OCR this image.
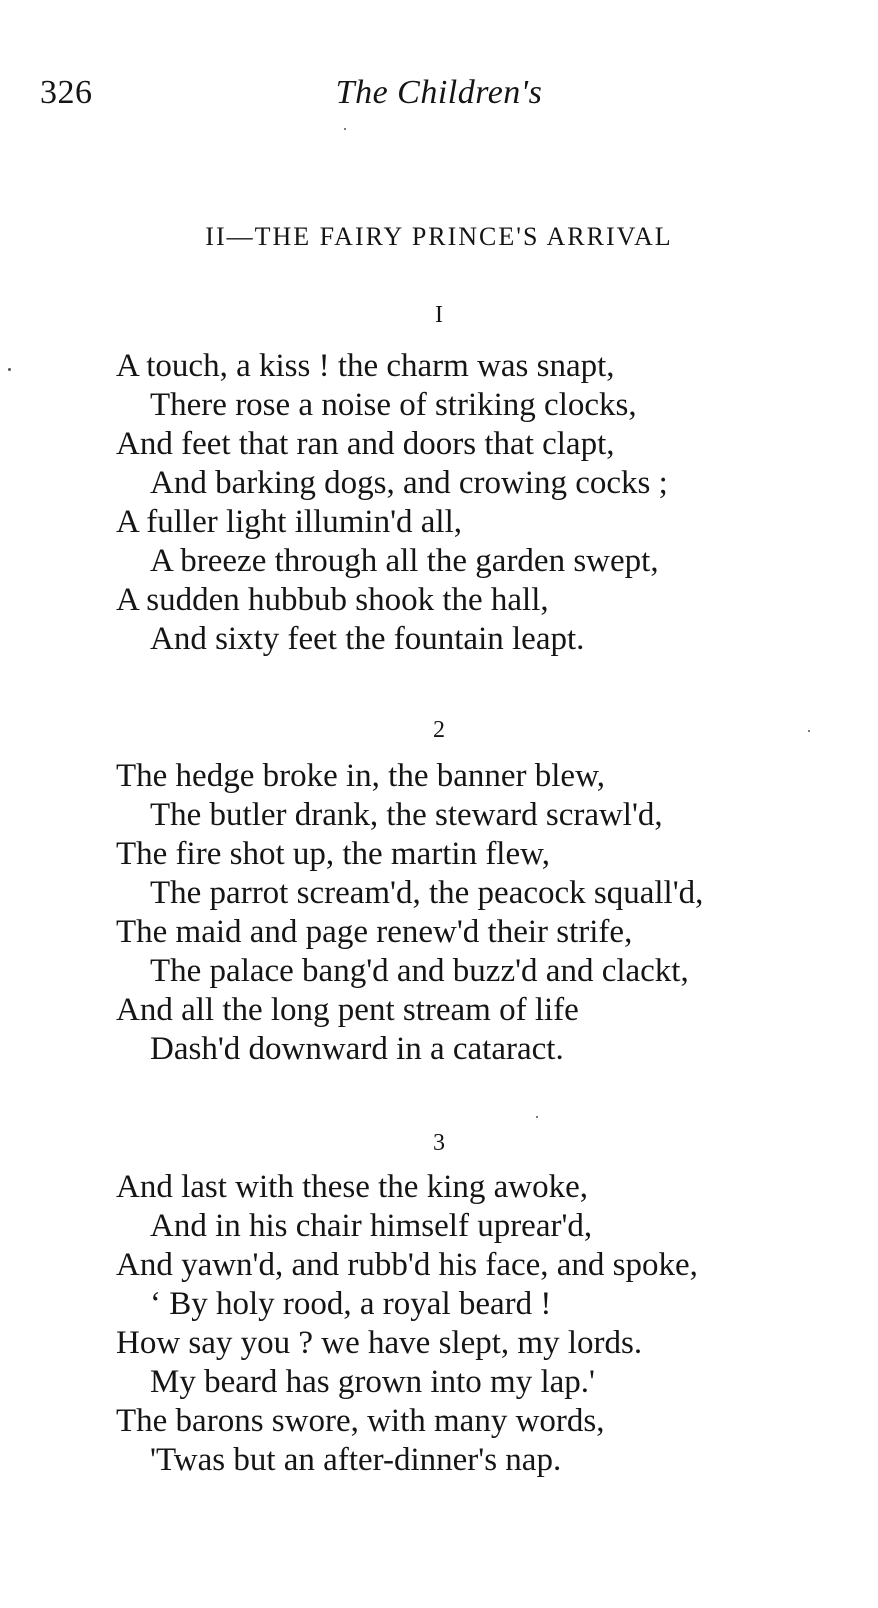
326	The Children's
II—THE FAIRY PRINCE'S ARRIVAL
I
A touch, a kiss ! the charm was snapt,
There rose a noise of striking clocks,
And feet that ran and doors that clapt,
And barking dogs, and crowing cocks ;
A fuller light illumin'd all,
A breeze through all the garden swept,
A sudden hubbub shook the hall,
And sixty feet the fountain leapt.
2
The hedge broke in, the banner blew,
The butler drank, the steward scrawl'd,
The fire shot up, the martin flew,
The parrot scream'd, the peacock squall'd,
The maid and page renew'd their strife,
The palace bang'd and buzz'd and clackt,
And all the long pent stream of life
Dash'd downward in a cataract.
3
And last with these the king awoke,
And in his chair himself uprear'd,
And yawn'd, and rubb'd his face, and spoke,
‘ By holy rood, a royal beard !
How say you ? we have slept, my lords.
My beard has grown into my lap.'
The barons swore, with many words,
'Twas but an after-dinner's nap.
